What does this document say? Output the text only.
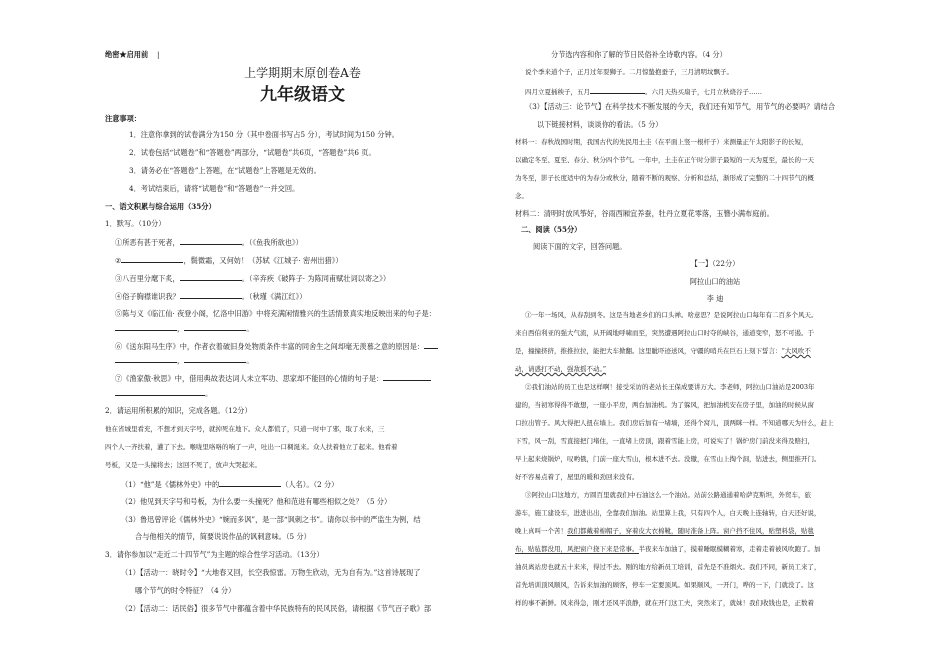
绝密★启用前 |
上学期期末原创卷A卷
九年级语文
注意事项：
1．注意你拿到的试卷满分为150 分（其中卷面书写占5 分），考试时间为150 分钟。
2．试卷包括“试题卷”和“答题卷”两部分，“试题卷”共6页，“答题卷”共6 页。
3．请务必在“答题卷”上答题，在“试题卷”上答题是无效的。
4．考试结束后，请将“试题卷”和“答题卷”一并交回。
一、语文积累与综合运用（35分）
1．默写。（10分）
①所恶有甚于死者，	。（《鱼我所欲也》）
②	，鬓微霜，又何妨！（苏轼《江城子· 密州出猎》）
③八百里分麾下炙，	。（辛弃疾《破阵子· 为陈同甫赋壮词以寄之》）
④俗子胸襟谁识我？	。（秋瑾《满江红》）
⑤陈与义《临江仙· 夜登小阁，忆洛中旧游》中将充满闲情雅兴的生活情景真实地反映出来的句子是：
，	。
⑥《送东阳马生序》中，作者衣着破旧身处物质条件丰富的同舍生之间却毫无羡慕之意的原因是：
，	。
⑦《渔家傲·秋思》中，借用典故表达词人未立军功、思家却不能回的心情的句子是：
。
2．请运用所积累的知识，完成各题。（12分）
他在省城里看充，不想才到天字号，就掉死在地下。众人都慌了，只道一时中了邪，取了水来，三
四个人一齐扶着，灌了下去。喉咙里咯咯的响了一声，吐出一口稠涎来。众人扶着他立了起来。他看着
号板，又是一头撞将去；这回不死了，放声大哭起来。
（1）“他”是《儒林外史》中的	（人名）。（2 分）
（2）他见到天字号和号板，为什么要一头撞死？他和范进有哪些相似之处？（5 分）
（3）鲁迅曾评论《儒林外史》“婉而多讽”，是一部“讽刺之书”。请你以书中的严监生为例，结
合与他相关的情节，简要说说作品的讽刺意味。（5 分）
3．请你参加以“走近二十四节气”为主题的综合性学习活动。（13分）
（1）【活动一：晓时令】“大地春又回，长空我惊雷。万物生欣动，无为自有为。”这首诗展现了
哪个节气的时令特征？（4 分）
（2）【活动二：话民俗】很多节气中都蕴含着中华民族特有的民风民俗，请根据《节气百子歌》部
分节选内容和你了解的节日民俗补全诗歌内容。（4 分）
说个季来道个子，正月过年耍狮子。二月惊蛰抱蚕子，三月清明坟飘子。
四月立夏插秧子，五月	。六月天热买扇子，七月立秋烧谷子……
（3）【活动三：论节气】在科学技术不断发展的今天，我们还有知节气，用节气的必要吗？请结合
以下链接材料，谈谈你的看法。（5 分）
材料一：春秋战国时期，我国古代的先民用土圭（在平面上竖一根杆子）来测量正午太阳影子的长短，
以确定冬至、夏至、春分、秋分四个节气。一年中，土圭在正午时分影子最短的一天为夏至，最长的一天
为冬至，影子长度适中的为春分或秋分，随着不断的观察、分析和总结，渐形成了完整的二十四节气的概
念。
材料二：清明时放风筝好，谷雨西厢宜养蚕，牡丹立夏花零落，玉簪小满布庭前。
二、阅读（55分）
阅读下面的文字，回答问题。
【一】（22分）
阿拉山口的油站
李 迪
①一年一场风，从春刮到冬。这是当地老乡们的口头禅。啥意思？是说阿拉山口每年有二百多个风天。
来自西伯利亚的强大气流，从开阔地呼啸而至，突然遭遇阿拉山口时夺的峡谷，通道变窄，怒不可遏。于
是，撞撞挤挤，推推拉拉，能把大车掀翻。这里眦吓迹送风，守疆的哨兵在巨石上刻下誓言：“大风吹不
动，请惑打不动，强敌摇不动。”
②我们油站的员工也是这样啊！接受采访的老站长王保成要讲万大。李老师，阿拉山口油站是2003年
建的，当初寒得得不敢想，一座小平房，两台加油机。为了躲风，把加油机安在房子里，加油的时候从窗
口拉出管子。风大得把人扭在墙上。我们房后加有一堵墙，还得个窝儿，顶两眯一样。不知道哪天为什么，赶上
下雪，风一刮，雪直接把门堵住，一直堵上房顶，跟着雪能上房，可说实了！锅炉房门前没来得及赔扫，
早上起来烧锅炉，叹哟俄，门前一座大雪山，根本进不去。没辙，在雪山上掏个洞，钻进去，侧里推开门。
好不容易点着了，屋里的暖和劲回来没有。
③阿拉山口这地方，方圆百里就我们中石油这么一个油站。站前公路通通着哈萨克斯坦，外贸车，旅
游车，施工建设车，进进出出，全靠我们加油。站里算上我，只有四个人，白天晚上连轴转，白天还好说，
晚上真叫一个苦！我们都戴着棉帽子，穿着皮大衣棉靴，随时准备上阵。窗户挡不住风，贴塑料袋，贴毯
布，贴毡都没用，风把窗户挠下来是常事。半夜来车加油了，摸着睡眠模糊着寒，走着走着被风吹跑了。加
油员离站房也就五十来米，得过不去。刚的地方给新员工培训，首先是不准烟火。我们不同，新员工来了，
首先培训顶风顺风，告诉来加油的顾客，停车一定要顶风。如果顺风，一开门，哗的一下，门就没了。这
样的事不新鲜。风来得急，刚才还风平浪静，就在开门这工夫，突然来了，就妹！我们收钱也是，正数着
